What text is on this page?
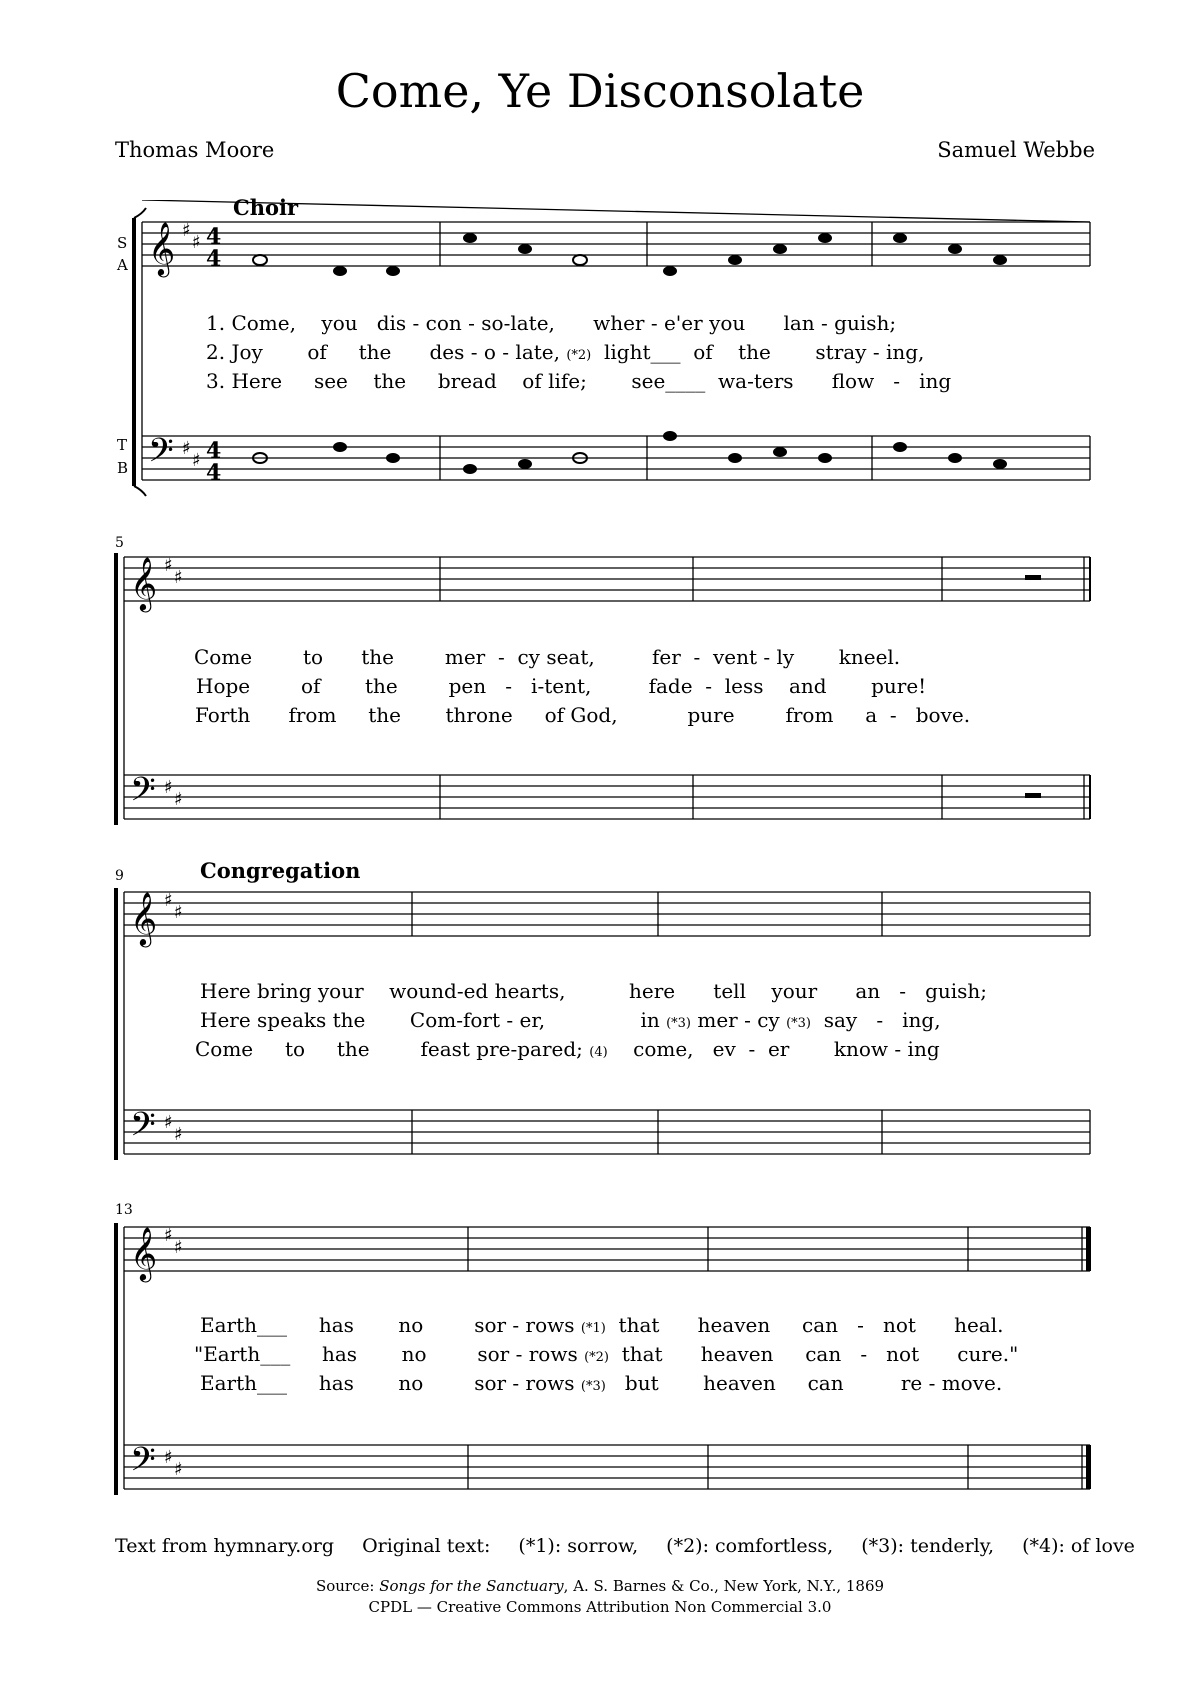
Come, Ye Disconsolate
Thomas Moore	Samuel Webbe
Choir
S
A
T
B
𝄞
𝄢
♯
♯
♯
♯
4
4
4
4
1. Come, you dis - con - so-late, wher - e'er you lan - guish;
2. Joy of the des - o - late, (*2) light___  of the stray - ing,
3. Here see the bread of life; see____  wa-ters flow - ing
5
𝄞
𝄢
♯
♯
♯
♯
Come	to the	mer - cy seat,	fer - vent - ly kneel.
Hope	of the	pen - i-tent,	fade - less and pure!
Forth from the throne of God,	pure	from a - bove.
9	Congregation
𝄞
𝄢
♯
♯
♯
♯
Here bring your wound-ed hearts,	here tell your an - guish;
Here speaks the Com-fort - er,	in (*3) mer - cy (*3) say - ing,
Come to the	feast pre-pared; (4) come, ev - er know - ing
13
𝄞
𝄢
♯
♯
♯
♯
Earth___     has no	sor - rows (*1) that heaven can - not heal.
"Earth___     has no	sor - rows (*2) that heaven can - not cure."
Earth___     has no	sor - rows (*3) but heaven can	re - move.
Text from hymnary.org Original text: (*1): sorrow, (*2): comfortless, (*3): tenderly, (*4): of love
Source: Songs for the Sanctuary, A. S. Barnes & Co., New York, N.Y., 1869
CPDL — Creative Commons Attribution Non Commercial 3.0
